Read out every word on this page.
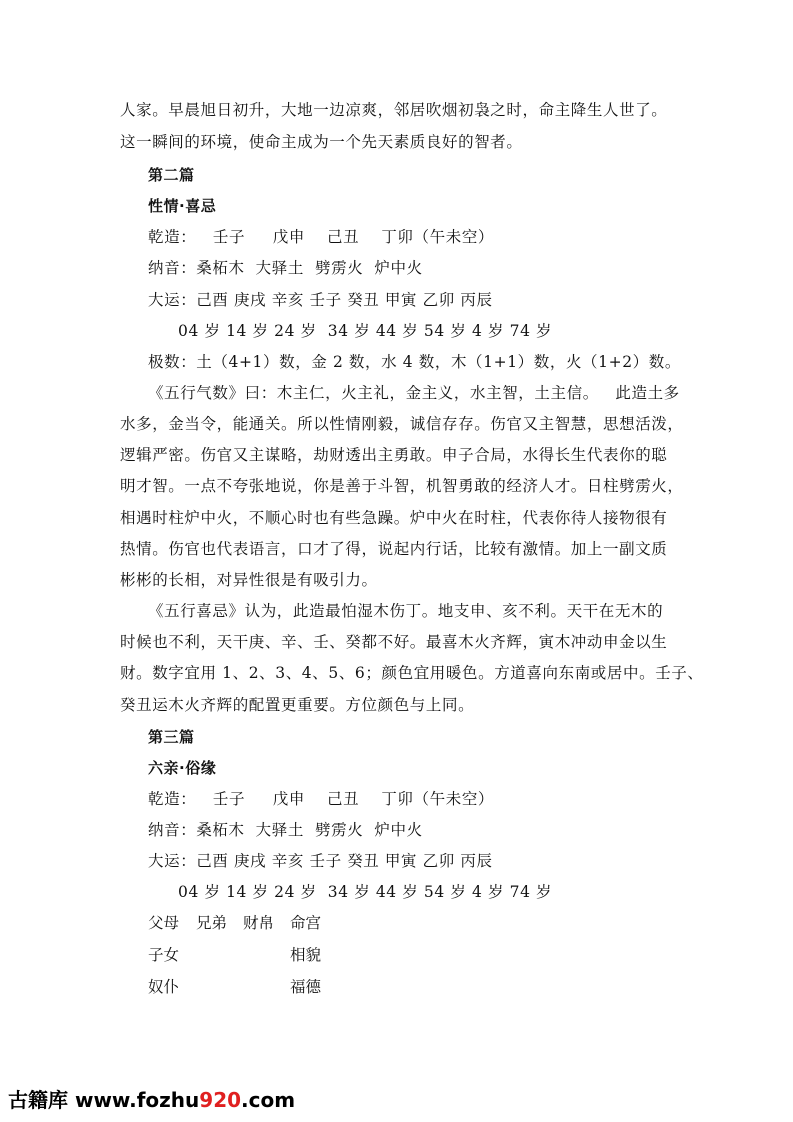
人家。早晨旭日初升，大地一边凉爽，邻居吹烟初袅之时，命主降生人世了。
这一瞬间的环境，使命主成为一个先天素质良好的智者。
第二篇
性情·喜忌
乾造：   壬子     戊申    己丑    丁卯（午未空）
纳音：桑柘木  大驿土  劈雳火  炉中火
大运：己酉 庚戌 辛亥 壬子 癸丑 甲寅 乙卯 丙辰
04 岁 14 岁 24 岁  34 岁 44 岁 54 岁 4 岁 74 岁
极数：土（4+1）数，金 2 数，水 4 数，木（1+1）数，火（1+2）数。
《五行气数》曰：木主仁，火主礼，金主义，水主智，土主信。   此造土多
水多，金当令，能通关。所以性情刚毅，诚信存存。伤官又主智慧，思想活泼，
逻辑严密。伤官又主谋略，劫财透出主勇敢。申子合局，水得长生代表你的聪
明才智。一点不夸张地说，你是善于斗智，机智勇敢的经济人才。日柱劈雳火，
相遇时柱炉中火，不顺心时也有些急躁。炉中火在时柱，代表你待人接物很有
热情。伤官也代表语言，口才了得，说起内行话，比较有激情。加上一副文质
彬彬的长相，对异性很是有吸引力。
《五行喜忌》认为，此造最怕湿木伤丁。地支申、亥不利。天干在无木的
时候也不利，天干庚、辛、壬、癸都不好。最喜木火齐辉，寅木冲动申金以生
财。数字宜用 1、2、3、4、5、6；颜色宜用暖色。方道喜向东南或居中。壬子、
癸丑运木火齐辉的配置更重要。方位颜色与上同。
第三篇
六亲·俗缘
乾造：   壬子     戊申    己丑    丁卯（午未空）
纳音：桑柘木  大驿土  劈雳火  炉中火
大运：己酉 庚戌 辛亥 壬子 癸丑 甲寅 乙卯 丙辰
04 岁 14 岁 24 岁  34 岁 44 岁 54 岁 4 岁 74 岁
父母 兄弟 财帛 命宫
子女	相貌
奴仆	福德
古籍库 www.fozhu920.com
